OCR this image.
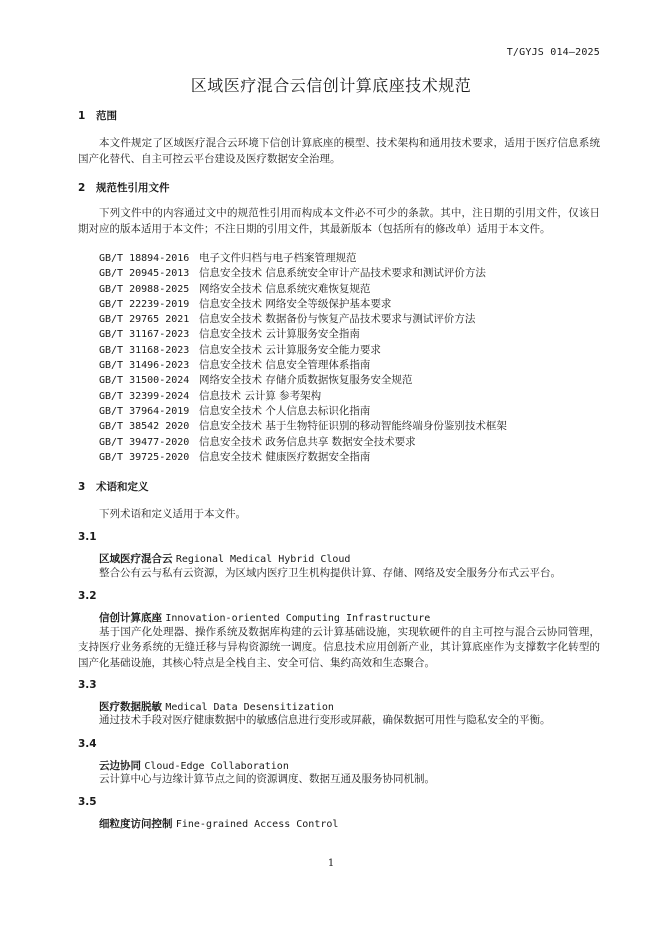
T/GYJS 014—2025
区域医疗混合云信创计算底座技术规范
1 范围
本文件规定了区域医疗混合云环境下信创计算底座的模型、技术架构和通用技术要求，适用于医疗信息系统国产化替代、自主可控云平台建设及医疗数据安全治理。
2 规范性引用文件
下列文件中的内容通过文中的规范性引用而构成本文件必不可少的条款。其中，注日期的引用文件，仅该日期对应的版本适用于本文件；不注日期的引用文件，其最新版本（包括所有的修改单）适用于本文件。
GB/T 18894-2016 电子文件归档与电子档案管理规范
GB/T 20945-2013 信息安全技术 信息系统安全审计产品技术要求和测试评价方法
GB/T 20988-2025 网络安全技术 信息系统灾难恢复规范
GB/T 22239-2019 信息安全技术 网络安全等级保护基本要求
GB/T 29765 2021 信息安全技术 数据备份与恢复产品技术要求与测试评价方法
GB/T 31167-2023 信息安全技术 云计算服务安全指南
GB/T 31168-2023 信息安全技术 云计算服务安全能力要求
GB/T 31496-2023 信息安全技术 信息安全管理体系指南
GB/T 31500-2024 网络安全技术 存储介质数据恢复服务安全规范
GB/T 32399-2024 信息技术 云计算 参考架构
GB/T 37964-2019 信息安全技术 个人信息去标识化指南
GB/T 38542 2020 信息安全技术 基于生物特征识别的移动智能终端身份鉴别技术框架
GB/T 39477-2020 信息安全技术 政务信息共享 数据安全技术要求
GB/T 39725-2020 信息安全技术 健康医疗数据安全指南
3 术语和定义
下列术语和定义适用于本文件。
3.1
区域医疗混合云 Regional Medical Hybrid Cloud
整合公有云与私有云资源，为区域内医疗卫生机构提供计算、存储、网络及安全服务分布式云平台。
3.2
信创计算底座 Innovation-oriented Computing Infrastructure
基于国产化处理器、操作系统及数据库构建的云计算基础设施，实现软硬件的自主可控与混合云协同管理，支持医疗业务系统的无缝迁移与异构资源统一调度。信息技术应用创新产业，其计算底座作为支撑数字化转型的国产化基础设施，其核心特点是全栈自主、安全可信、集约高效和生态聚合。
3.3
医疗数据脱敏 Medical Data Desensitization
通过技术手段对医疗健康数据中的敏感信息进行变形或屏蔽，确保数据可用性与隐私安全的平衡。
3.4
云边协同 Cloud-Edge Collaboration
云计算中心与边缘计算节点之间的资源调度、数据互通及服务协同机制。
3.5
细粒度访问控制 Fine-grained Access Control
1
